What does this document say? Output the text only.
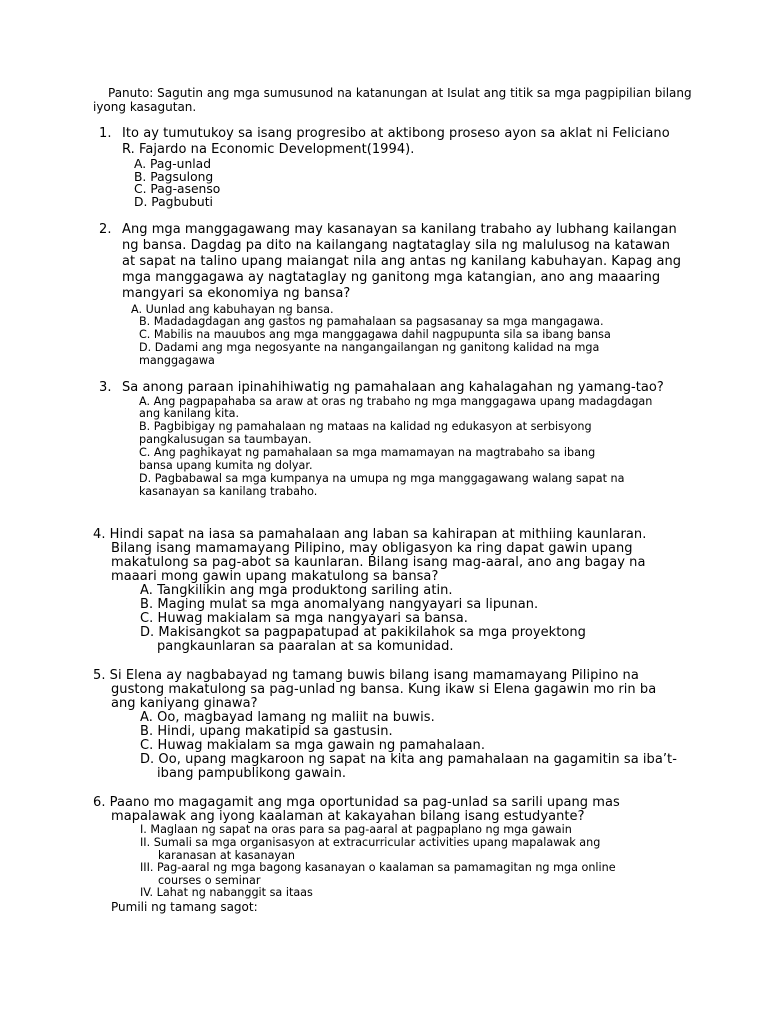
Panuto: Sagutin ang mga sumusunod na katanungan at Isulat ang titik sa mga pagpipilian bilang
iyong kasagutan.
1. Ito ay tumutukoy sa isang progresibo at aktibong proseso ayon sa aklat ni Feliciano
R. Fajardo na Economic Development(1994).
A. Pag-unlad
B. Pagsulong
C. Pag-asenso
D. Pagbubuti
2. Ang mga manggagawang may kasanayan sa kanilang trabaho ay lubhang kailangan
ng bansa. Dagdag pa dito na kailangang nagtataglay sila ng malulusog na katawan
at sapat na talino upang maiangat nila ang antas ng kanilang kabuhayan. Kapag ang
mga manggagawa ay nagtataglay ng ganitong mga katangian, ano ang maaaring
mangyari sa ekonomiya ng bansa?
A. Uunlad ang kabuhayan ng bansa.
B. Madadagdagan ang gastos ng pamahalaan sa pagsasanay sa mga mangagawa.
C. Mabilis na mauubos ang mga manggagawa dahil nagpupunta sila sa ibang bansa
D. Dadami ang mga negosyante na nangangailangan ng ganitong kalidad na mga
manggagawa
3. Sa anong paraan ipinahihiwatig ng pamahalaan ang kahalagahan ng yamang-tao?
A. Ang pagpapahaba sa araw at oras ng trabaho ng mga manggagawa upang madagdagan
ang kanilang kita.
B. Pagbibigay ng pamahalaan ng mataas na kalidad ng edukasyon at serbisyong
pangkalusugan sa taumbayan.
C. Ang paghikayat ng pamahalaan sa mga mamamayan na magtrabaho sa ibang
bansa upang kumita ng dolyar.
D. Pagbabawal sa mga kumpanya na umupa ng mga manggagawang walang sapat na
kasanayan sa kanilang trabaho.
4. Hindi sapat na iasa sa pamahalaan ang laban sa kahirapan at mithiing kaunlaran.
Bilang isang mamamayang Pilipino, may obligasyon ka ring dapat gawin upang
makatulong sa pag-abot sa kaunlaran. Bilang isang mag-aaral, ano ang bagay na
maaari mong gawin upang makatulong sa bansa?
A. Tangkilikin ang mga produktong sariling atin.
B. Maging mulat sa mga anomalyang nangyayari sa lipunan.
C. Huwag makialam sa mga nangyayari sa bansa.
D. Makisangkot sa pagpapatupad at pakikilahok sa mga proyektong
pangkaunlaran sa paaralan at sa komunidad.
5. Si Elena ay nagbabayad ng tamang buwis bilang isang mamamayang Pilipino na
gustong makatulong sa pag-unlad ng bansa. Kung ikaw si Elena gagawin mo rin ba
ang kaniyang ginawa?
A. Oo, magbayad lamang ng maliit na buwis.
B. Hindi, upang makatipid sa gastusin.
C. Huwag makialam sa mga gawain ng pamahalaan.
D. Oo, upang magkaroon ng sapat na kita ang pamahalaan na gagamitin sa iba’t-
ibang pampublikong gawain.
6. Paano mo magagamit ang mga oportunidad sa pag-unlad sa sarili upang mas
mapalawak ang iyong kaalaman at kakayahan bilang isang estudyante?
I. Maglaan ng sapat na oras para sa pag-aaral at pagpaplano ng mga gawain
II. Sumali sa mga organisasyon at extracurricular activities upang mapalawak ang
karanasan at kasanayan
III. Pag-aaral ng mga bagong kasanayan o kaalaman sa pamamagitan ng mga online
courses o seminar
IV. Lahat ng nabanggit sa itaas
Pumili ng tamang sagot:
